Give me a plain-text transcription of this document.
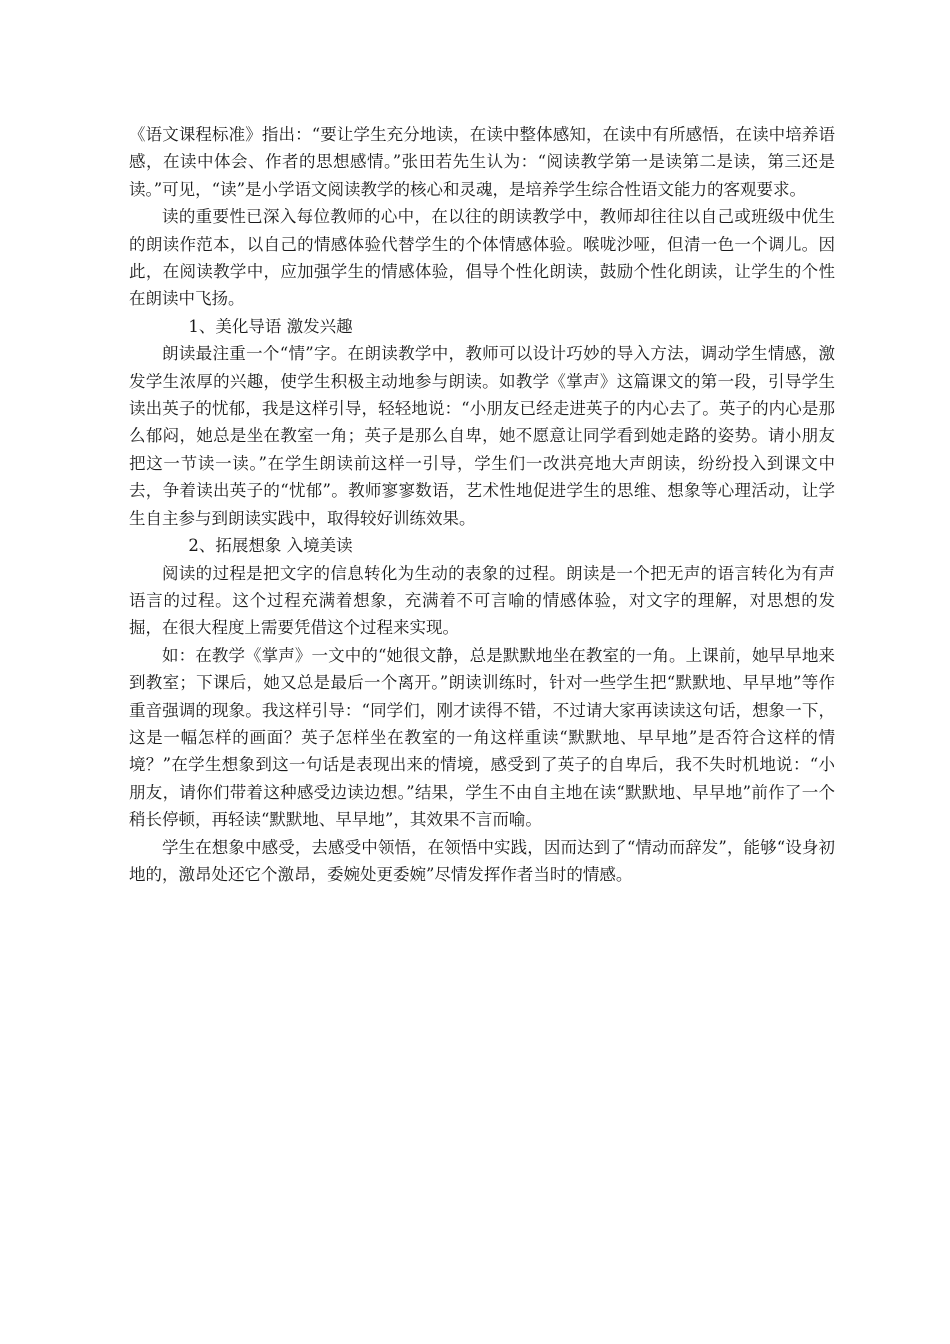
《语文课程标准》指出：“要让学生充分地读，在读中整体感知，在读中有所感悟，在读中培养语感，在读中体会、作者的思想感情。”张田若先生认为：“阅读教学第一是读第二是读，第三还是读。”可见，“读”是小学语文阅读教学的核心和灵魂，是培养学生综合性语文能力的客观要求。

读的重要性已深入每位教师的心中，在以往的朗读教学中，教师却往往以自己或班级中优生的朗读作范本，以自己的情感体验代替学生的个体情感体验。喉咙沙哑，但清一色一个调儿。因此，在阅读教学中，应加强学生的情感体验，倡导个性化朗读，鼓励个性化朗读，让学生的个性在朗读中飞扬。

1、美化导语 激发兴趣

朗读最注重一个“情”字。在朗读教学中，教师可以设计巧妙的导入方法，调动学生情感，激发学生浓厚的兴趣，使学生积极主动地参与朗读。如教学《掌声》这篇课文的第一段，引导学生读出英子的忧郁，我是这样引导，轻轻地说：“小朋友已经走进英子的内心去了。英子的内心是那么郁闷，她总是坐在教室一角；英子是那么自卑，她不愿意让同学看到她走路的姿势。请小朋友把这一节读一读。”在学生朗读前这样一引导，学生们一改洪亮地大声朗读，纷纷投入到课文中去，争着读出英子的“忧郁”。教师寥寥数语，艺术性地促进学生的思维、想象等心理活动，让学生自主参与到朗读实践中，取得较好训练效果。

2、拓展想象 入境美读

阅读的过程是把文字的信息转化为生动的表象的过程。朗读是一个把无声的语言转化为有声语言的过程。这个过程充满着想象，充满着不可言喻的情感体验，对文字的理解，对思想的发掘，在很大程度上需要凭借这个过程来实现。

如：在教学《掌声》一文中的“她很文静，总是默默地坐在教室的一角。上课前，她早早地来到教室；下课后，她又总是最后一个离开。”朗读训练时，针对一些学生把“默默地、早早地”等作重音强调的现象。我这样引导：“同学们，刚才读得不错，不过请大家再读读这句话，想象一下，这是一幅怎样的画面？英子怎样坐在教室的一角这样重读“默默地、早早地”是否符合这样的情境？”在学生想象到这一句话是表现出来的情境，感受到了英子的自卑后，我不失时机地说：“小朋友，请你们带着这种感受边读边想。”结果，学生不由自主地在读“默默地、早早地”前作了一个稍长停顿，再轻读“默默地、早早地”，其效果不言而喻。

学生在想象中感受，去感受中领悟，在领悟中实践，因而达到了“情动而辞发”，能够“设身初地的，激昂处还它个激昂，委婉处更委婉”尽情发挥作者当时的情感。
